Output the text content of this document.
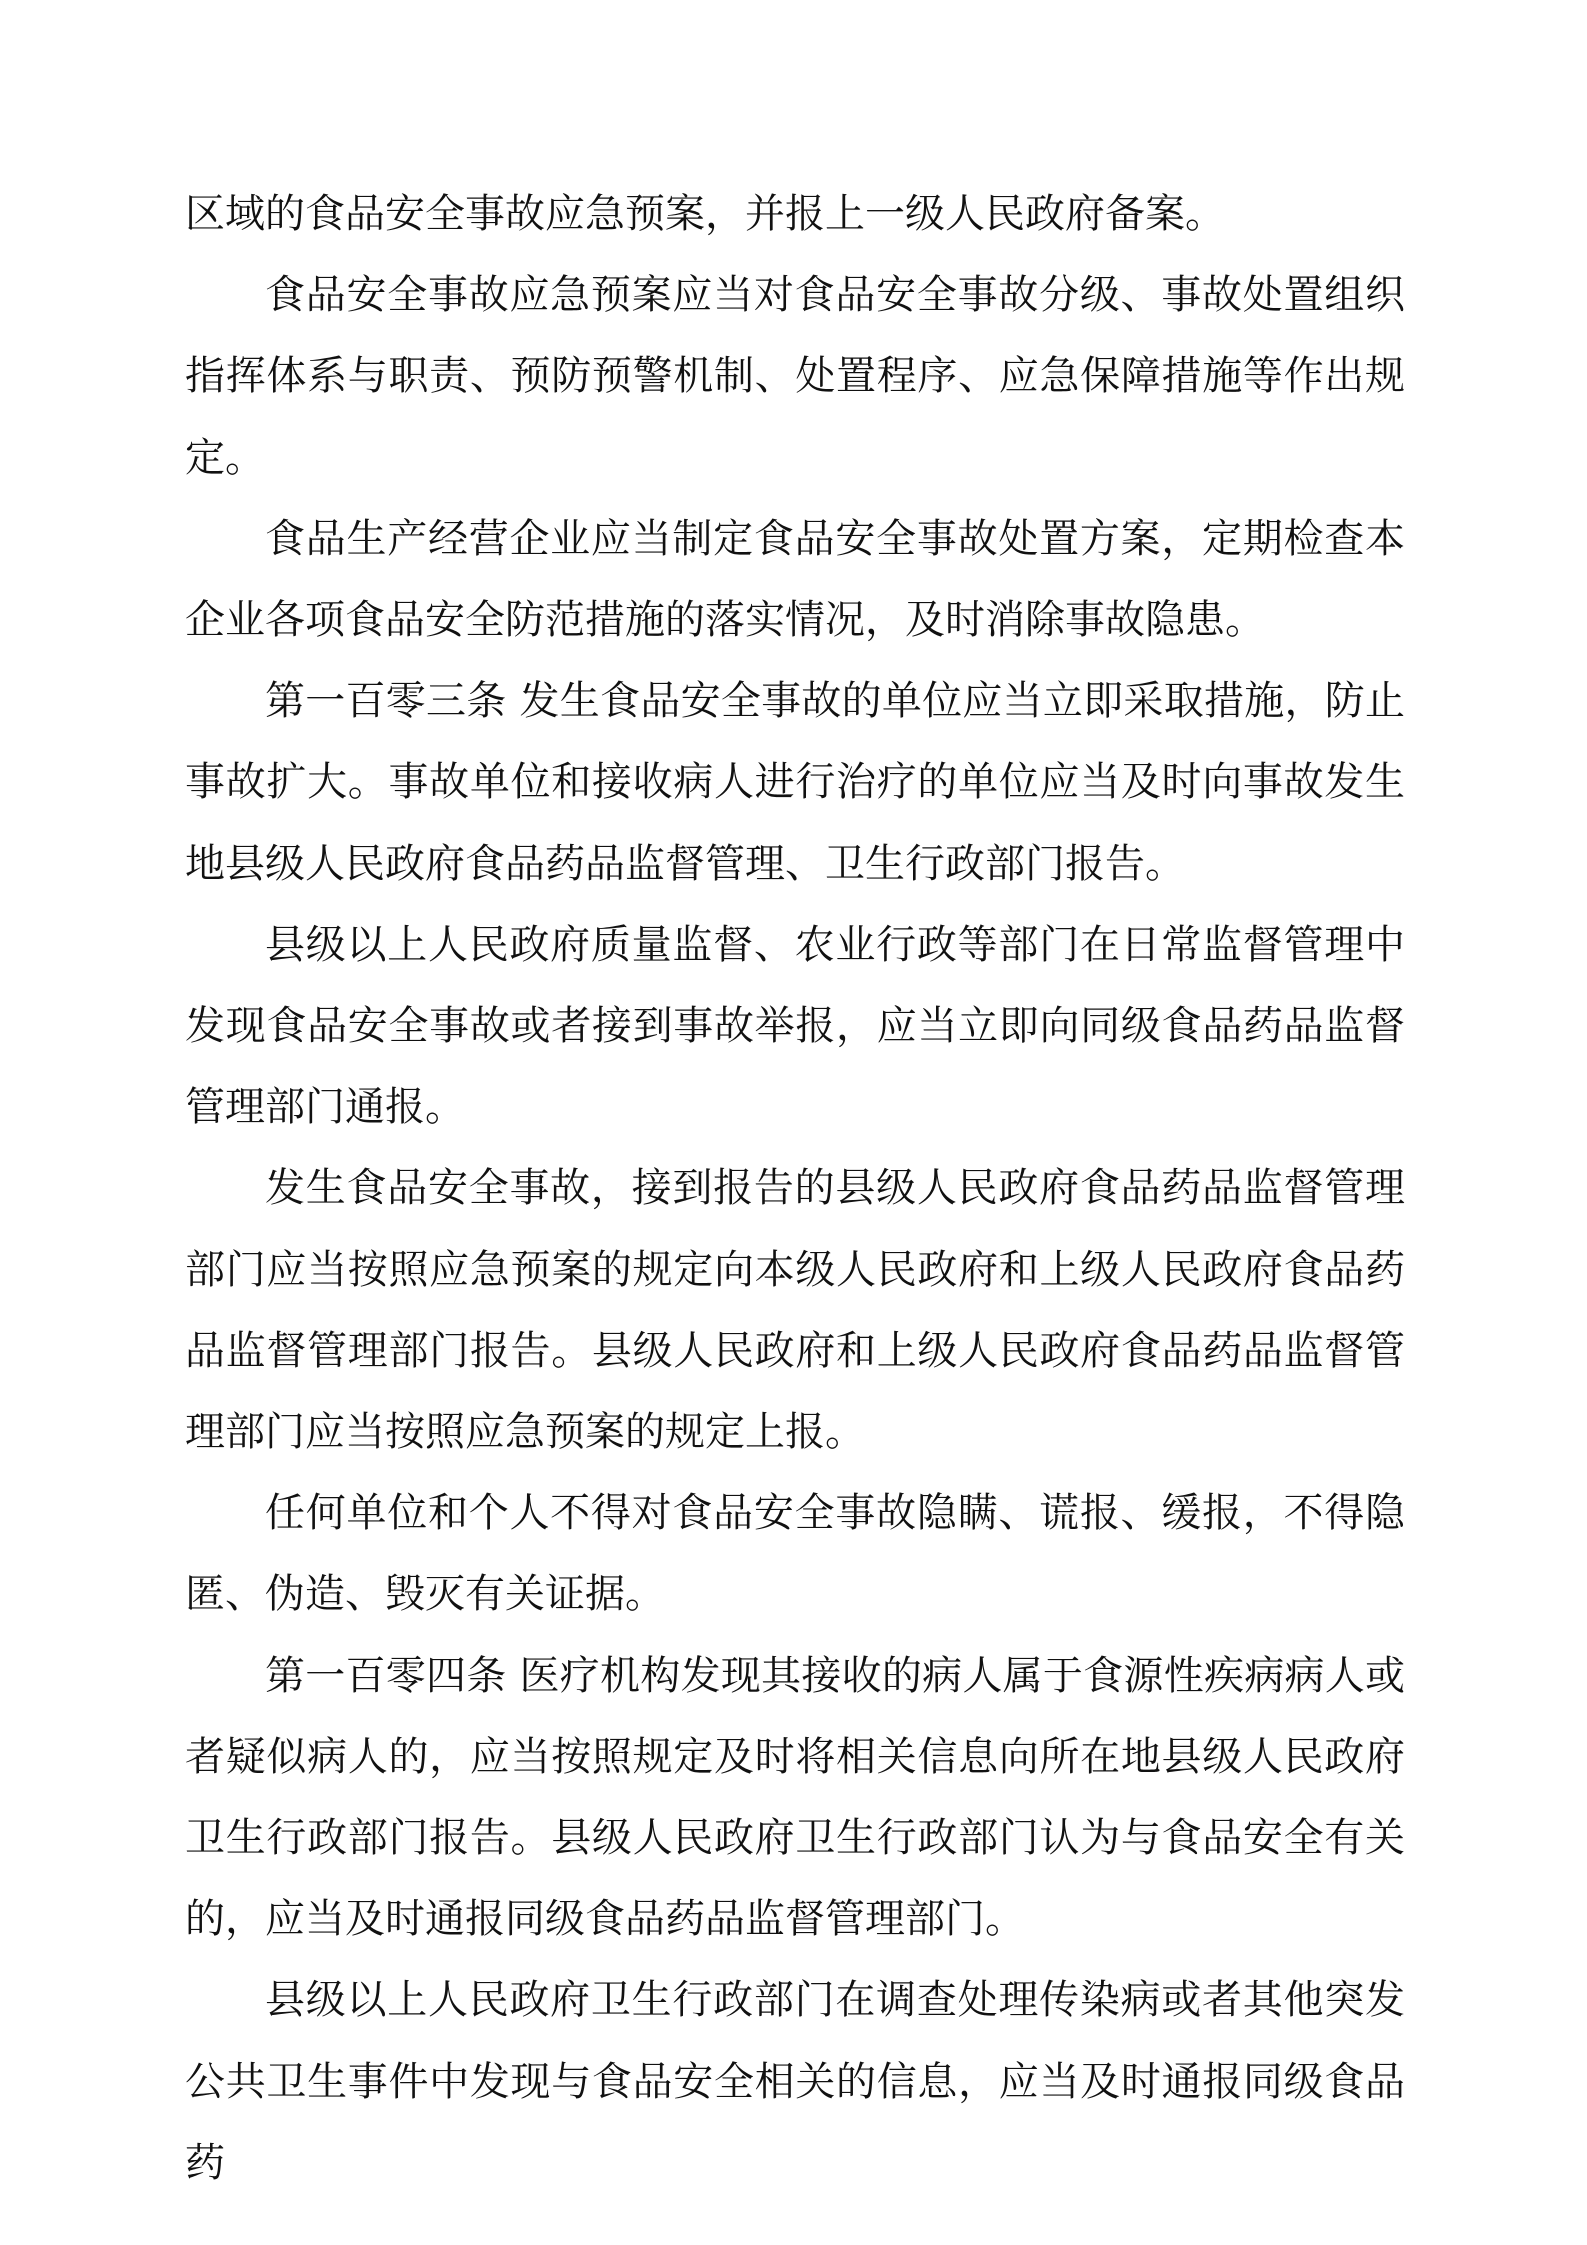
区域的食品安全事故应急预案，并报上一级人民政府备案。

食品安全事故应急预案应当对食品安全事故分级、事故处置组织指挥体系与职责、预防预警机制、处置程序、应急保障措施等作出规定。

食品生产经营企业应当制定食品安全事故处置方案，定期检查本企业各项食品安全防范措施的落实情况，及时消除事故隐患。

第一百零三条 发生食品安全事故的单位应当立即采取措施，防止事故扩大。事故单位和接收病人进行治疗的单位应当及时向事故发生地县级人民政府食品药品监督管理、卫生行政部门报告。

县级以上人民政府质量监督、农业行政等部门在日常监督管理中发现食品安全事故或者接到事故举报，应当立即向同级食品药品监督管理部门通报。

发生食品安全事故，接到报告的县级人民政府食品药品监督管理部门应当按照应急预案的规定向本级人民政府和上级人民政府食品药品监督管理部门报告。县级人民政府和上级人民政府食品药品监督管理部门应当按照应急预案的规定上报。

任何单位和个人不得对食品安全事故隐瞒、谎报、缓报，不得隐匿、伪造、毁灭有关证据。

第一百零四条 医疗机构发现其接收的病人属于食源性疾病病人或者疑似病人的，应当按照规定及时将相关信息向所在地县级人民政府卫生行政部门报告。县级人民政府卫生行政部门认为与食品安全有关的，应当及时通报同级食品药品监督管理部门。

县级以上人民政府卫生行政部门在调查处理传染病或者其他突发公共卫生事件中发现与食品安全相关的信息，应当及时通报同级食品药
